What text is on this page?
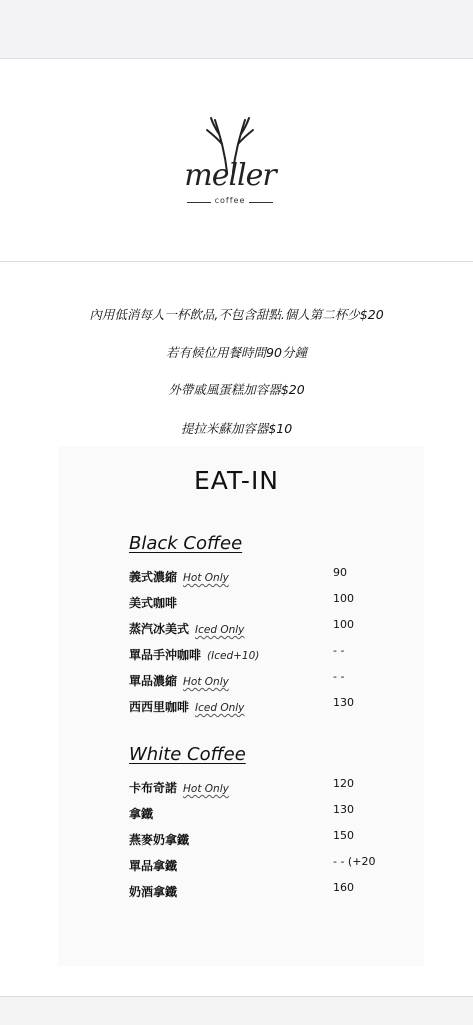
meller
coffee
內用低消每人一杯飲品,不包含甜點.個人第二杯少$20
若有候位用餐時間90分鐘
外帶戚風蛋糕加容器$20
提拉米蘇加容器$10
EAT-IN
Black Coffee
義式濃縮 Hot Only	90
美式咖啡	100
蒸汽冰美式 Iced Only	100
單品手沖咖啡 (Iced+10)	- -
單品濃縮 Hot Only	- -
西西里咖啡 Iced Only	130
White Coffee
卡布奇諾 Hot Only	120
拿鐵	130
燕麥奶拿鐵	150
單品拿鐵	- - (+20
奶酒拿鐵	160
